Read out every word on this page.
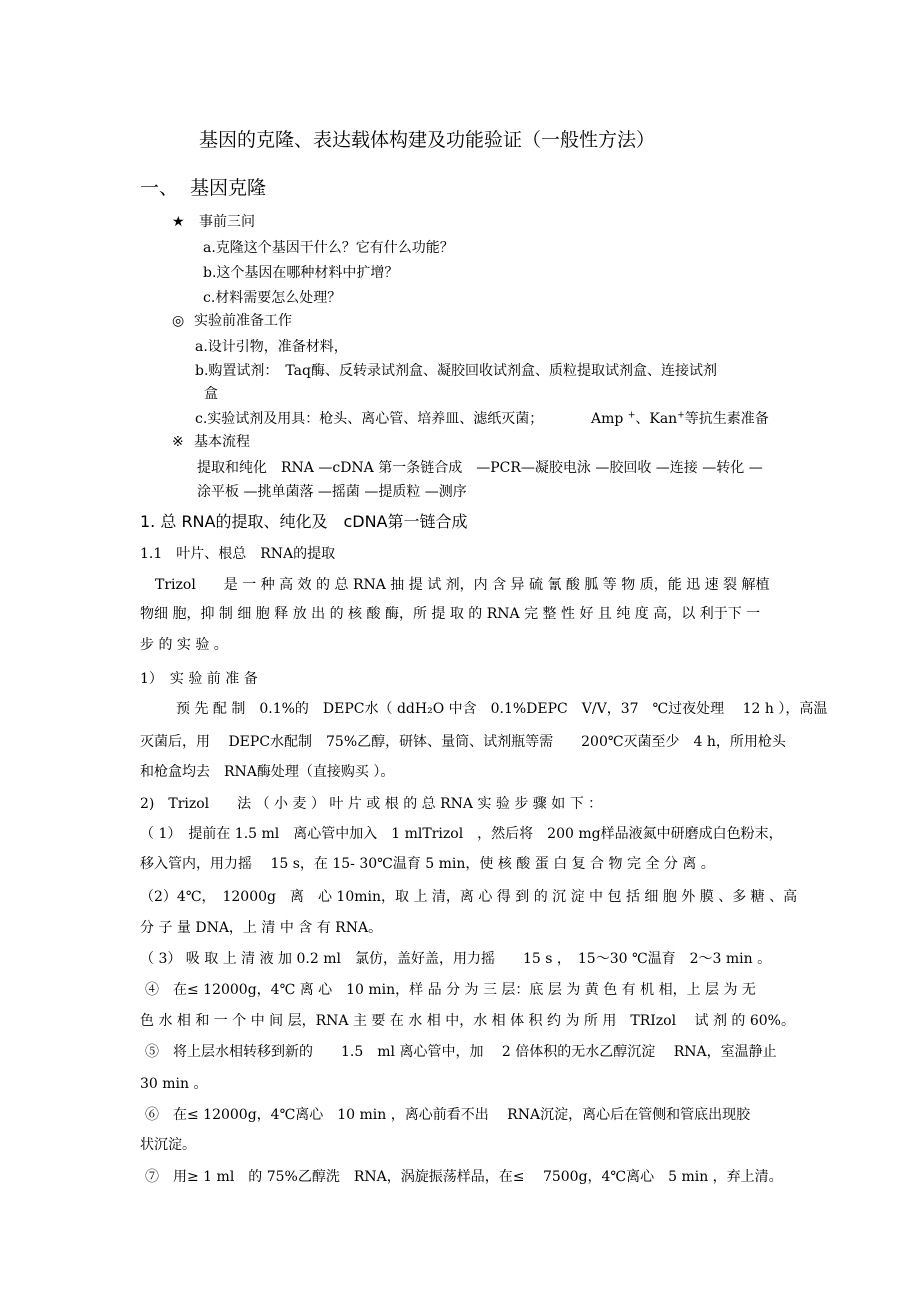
基因的克隆、表达载体构建及功能验证（一般性方法）
一、 基因克隆
★ 事前三问
a.克隆这个基因干什么？它有什么功能？
b.这个基因在哪种材料中扩增？
c.材料需要怎么处理？
◎ 实验前准备工作
a.设计引物，准备材料，
b.购置试剂：　Taq酶、反转录试剂盒、凝胶回收试剂盒、质粒提取试剂盒、连接试剂
盒
c.实验试剂及用具：枪头、离心管、培养皿、滤纸灭菌；	Amp +、Kan+等抗生素准备
※ 基本流程
提取和纯化　RNA —cDNA 第一条链合成　—PCR—凝胶电泳 —胶回收 —连接 —转化 —
涂平板 —挑单菌落 —摇菌 —提质粒 —测序
1. 总 RNA的提取、纯化及　cDNA第一链合成
1.1　叶片、根总　RNA的提取
Trizol　　是 一 种 高 效 的 总 RNA 抽 提 试 剂，内 含 异 硫 氰 酸 胍 等 物 质，能 迅 速 裂 解植
物细 胞，抑 制 细 胞 释 放 出 的 核 酸 酶，所 提 取 的 RNA 完 整 性 好 且 纯 度 高，以 利于下 一
步 的 实 验 。
1）　实 验 前 准 备
预 先 配 制　0.1%的　DEPC水（ ddH₂O 中含　0.1%DEPC　V/V，37　℃过夜处理　 12 h ），高温
灭菌后，用　 DEPC水配制　75%乙醇，研钵、量筒、试剂瓶等需　　200℃灭菌至少　4 h，所用枪头
和枪盒均去　RNA酶处理（直接购买 ）。
2)　Trizol　　法 （ 小 麦 ） 叶 片 或 根 的 总 RNA 实 验 步 骤 如 下 ：
（ 1）　提前在 1.5 ml　离心管中加入　1 mlTrizol　，然后将　200 mg样品液氮中研磨成白色粉末，
移入管内，用力摇　 15 s，在 15- 30℃温育 5 min，使 核 酸 蛋 白 复 合 物 完 全 分 离 。
（2）4℃，　12000g　离　心 10min，取 上 清，离 心 得 到 的 沉 淀 中 包 括 细 胞 外 膜 、多 糖 、高
分 子 量 DNA，上 清 中 含 有 RNA。
（ 3） 吸 取 上 清 液 加 0.2 ml　氯仿，盖好盖，用力摇　　15 s ，　15～30 ℃温育　2～3 min 。
④　在≤ 12000g，4℃ 离 心　10 min，样 品 分 为 三 层：底 层 为 黄 色 有 机 相，上 层 为 无
色 水 相 和 一 个 中 间 层，RNA 主 要 在 水 相 中，水 相 体 积 约 为 所 用　TRIzol　 试 剂 的 60%。
⑤　将上层水相转移到新的　　1.5　ml 离心管中，加　 2 倍体积的无水乙醇沉淀　 RNA，室温静止
30 min 。
⑥　在≤ 12000g，4℃离心　10 min ，离心前看不出　 RNA沉淀，离心后在管侧和管底出现胶
状沉淀。
⑦　用≥ 1 ml　的 75%乙醇洗　RNA，涡旋振荡样品，在≤　 7500g，4℃离心　5 min ，弃上清。
